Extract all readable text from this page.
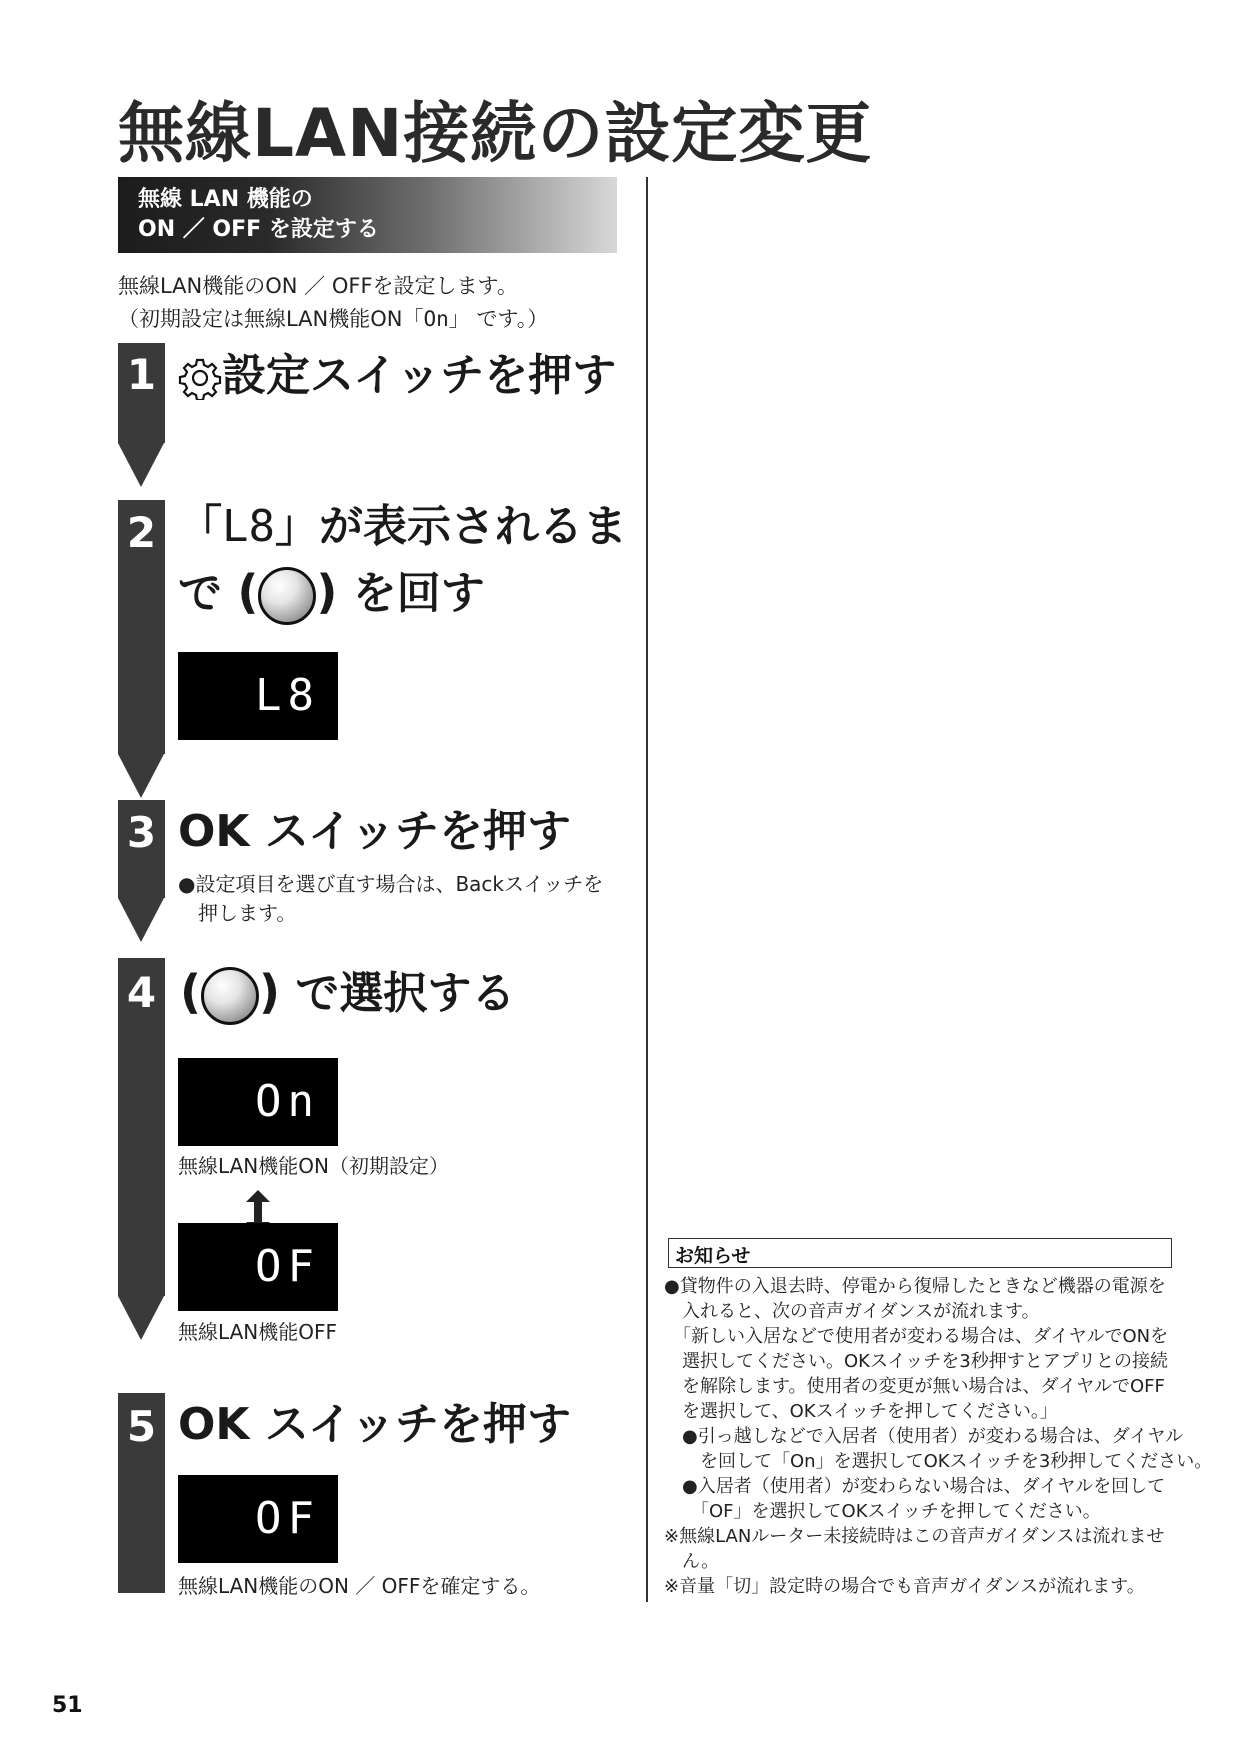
無線LAN接続の設定変更
無線 LAN 機能の
ON ／ OFF を設定する
無線LAN機能のON ／ OFFを設定します。
（初期設定は無線LAN機能ON「On」 です。）
1	設定スイッチを押す
2 「L8」が表示されるま
で ( ) を回す
L8
3 OK スイッチを押す
●設定項目を選び直す場合は、Backスイッチを
押します。
4 ( ) で選択する
On
無線LAN機能ON（初期設定）
OF
無線LAN機能OFF
5 OK スイッチを押す
OF
無線LAN機能のON ／ OFFを確定する。
お知らせ
●貸物件の入退去時、停電から復帰したときなど機器の電源を
　入れると、次の音声ガイダンスが流れます。
　「新しい入居などで使用者が変わる場合は、ダイヤルでONを
　選択してください。OKスイッチを3秒押すとアプリとの接続
　を解除します。使用者の変更が無い場合は、ダイヤルでOFF
　を選択して、OKスイッチを押してください。」
　●引っ越しなどで入居者（使用者）が変わる場合は、ダイヤル
　　を回して「On」を選択してOKスイッチを3秒押してください。
　●入居者（使用者）が変わらない場合は、ダイヤルを回して
　　「OF」を選択してOKスイッチを押してください。
※無線LANルーター未接続時はこの音声ガイダンスは流れませ
　ん。
※音量「切」設定時の場合でも音声ガイダンスが流れます。
51
